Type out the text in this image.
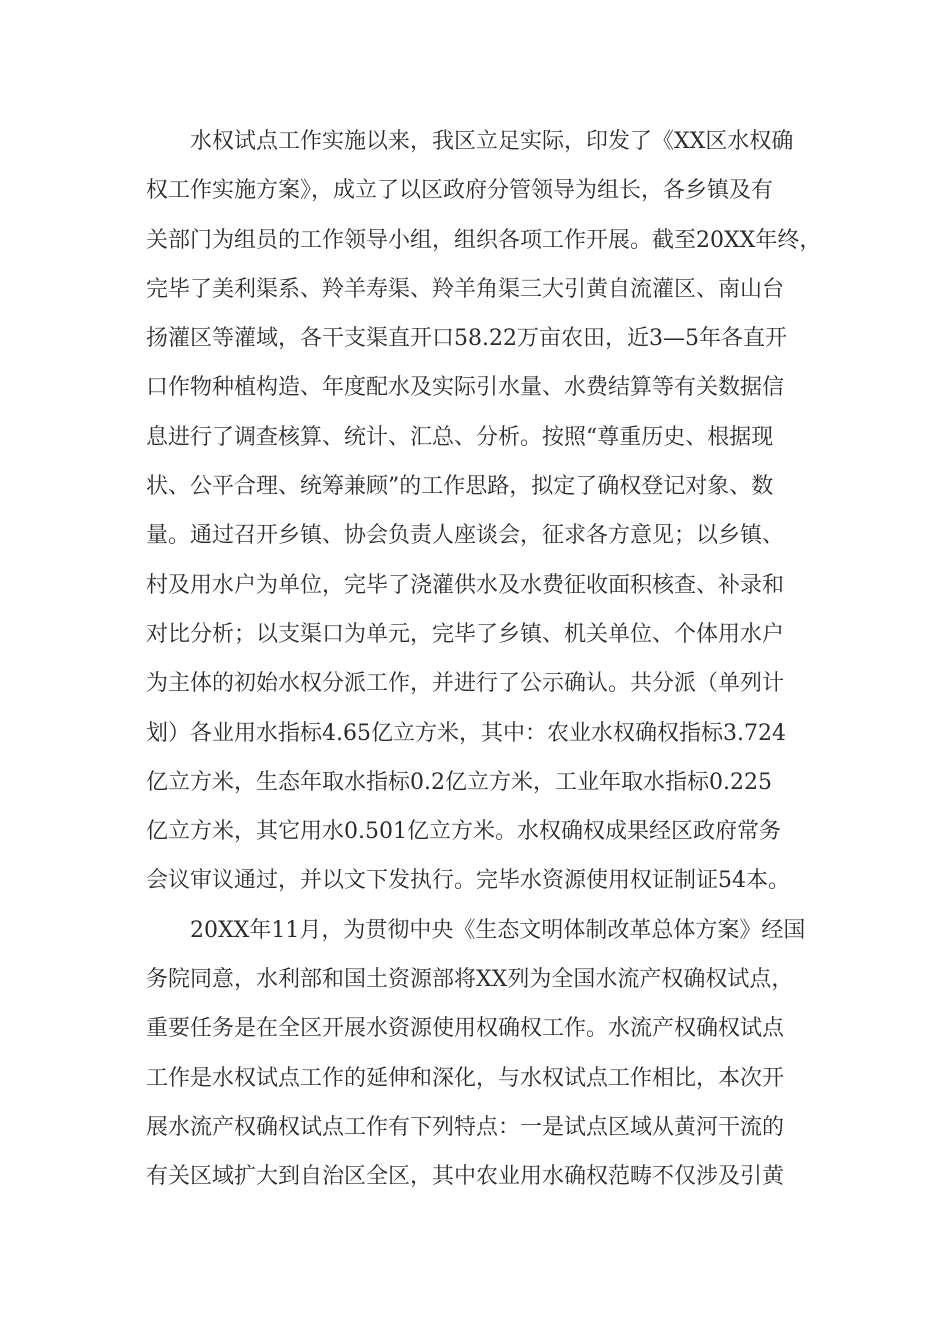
水权试点工作实施以来，我区立足实际，印发了《XX区水权确
权工作实施方案》，成立了以区政府分管领导为组长，各乡镇及有
关部门为组员的工作领导小组，组织各项工作开展。截至20XX年终，
完毕了美利渠系、羚羊寿渠、羚羊角渠三大引黄自流灌区、南山台
扬灌区等灌域，各干支渠直开口58.22万亩农田，近3—5年各直开
口作物种植构造、年度配水及实际引水量、水费结算等有关数据信
息进行了调查核算、统计、汇总、分析。按照“尊重历史、根据现
状、公平合理、统筹兼顾”的工作思路，拟定了确权登记对象、数
量。通过召开乡镇、协会负责人座谈会，征求各方意见；以乡镇、
村及用水户为单位，完毕了浇灌供水及水费征收面积核查、补录和
对比分析；以支渠口为单元，完毕了乡镇、机关单位、个体用水户
为主体的初始水权分派工作，并进行了公示确认。共分派（单列计
划）各业用水指标4.65亿立方米，其中：农业水权确权指标3.724
亿立方米，生态年取水指标0.2亿立方米，工业年取水指标0.225
亿立方米，其它用水0.501亿立方米。水权确权成果经区政府常务
会议审议通过，并以文下发执行。完毕水资源使用权证制证54本。
20XX年11月，为贯彻中央《生态文明体制改革总体方案》经国
务院同意，水利部和国土资源部将XX列为全国水流产权确权试点，
重要任务是在全区开展水资源使用权确权工作。水流产权确权试点
工作是水权试点工作的延伸和深化，与水权试点工作相比，本次开
展水流产权确权试点工作有下列特点：一是试点区域从黄河干流的
有关区域扩大到自治区全区，其中农业用水确权范畴不仅涉及引黄
